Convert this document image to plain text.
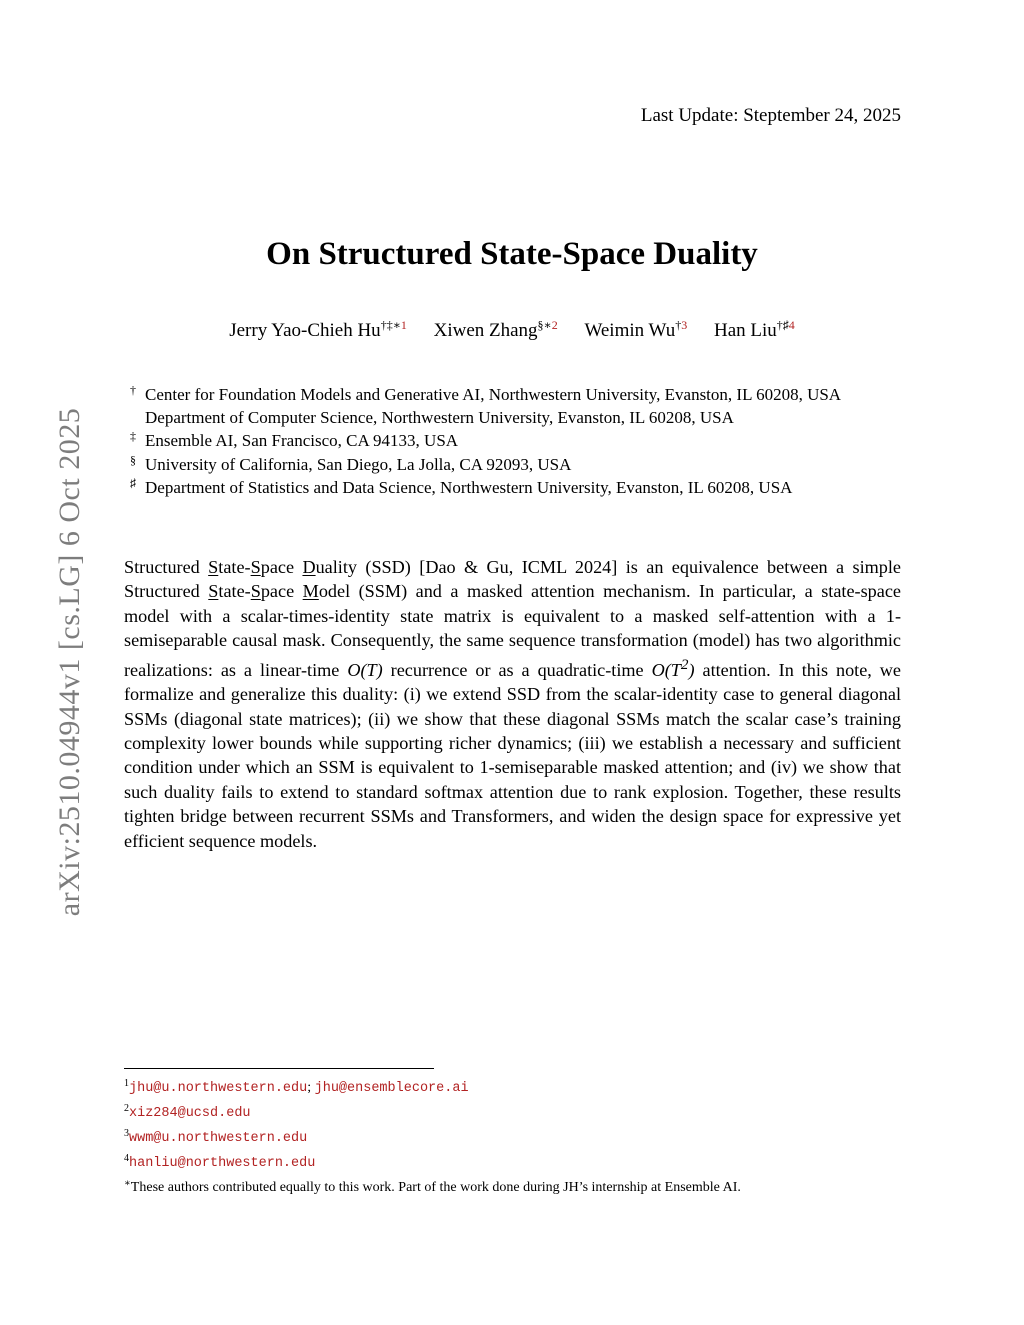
arXiv:2510.04944v1 [cs.LG] 6 Oct 2025
Last Update: Steptember 24, 2025
On Structured State-Space Duality
Jerry Yao-Chieh $Hu^{\dagger\ddagger∗1}$ Xiwen Zhang$^{\S∗2}$ Weimin Wu$^{\dagger 3}$ Han Liu$^{\dagger♯4}$
† Center for Foundation Models and Generative AI, Northwestern University, Evanston, IL 60208, USA
Department of Computer Science, Northwestern University, Evanston, IL 60208, USA
‡ Ensemble AI, San Francisco, CA 94133, USA
§ University of California, San Diego, La Jolla, CA 92093, USA
♯ Department of Statistics and Data Science, Northwestern University, Evanston, IL 60208, USA

Structured State-Space Duality (SSD) [Dao & Gu, ICML 2024] is an equivalence between a simple Structured State-Space Model (SSM) and a masked attention mechanism. In particular, a state-space model with a scalar-times-identity state matrix is equivalent to a masked self-attention with a 1-semiseparable causal mask. Consequently, the same sequence transformation (model) has two algorithmic realizations: as a linear-time O(T) recurrence or as a quadratic-time $O(T^2)$ attention. In this note, we formalize and generalize this duality: (i) we extend SSD from the scalar-identity case to general diagonal SSMs (diagonal state matrices); (ii) we show that these diagonal SSMs match the scalar case’s training complexity lower bounds while supporting richer dynamics; (iii) we establish a necessary and sufficient condition under which an SSM is equivalent to 1-semiseparable masked attention; and (iv) we show that such duality fails to extend to standard softmax attention due to rank explosion. Together, these results tighten bridge between recurrent SSMs and Transformers, and widen the design space for expressive yet efficient sequence models.

$^1$jhu@u.northwestern.edu; jhu@ensemblecore.ai
$^2$xiz284@ucsd.edu
$^3$wwm@u.northwestern.edu
$^4$hanliu@northwestern.edu
∗These authors contributed equally to this work. Part of the work done during JH’s internship at Ensemble AI.
